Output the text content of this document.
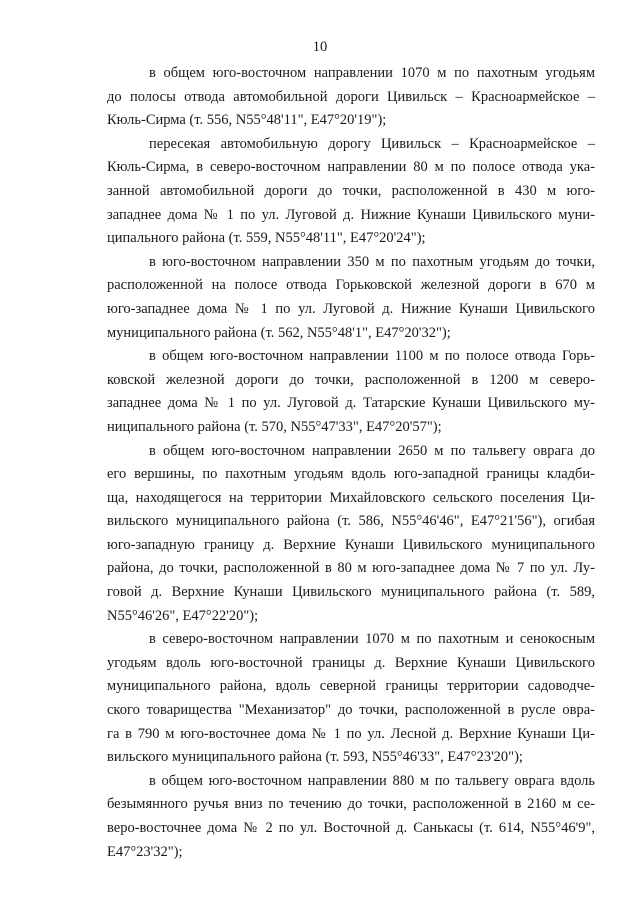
10
в общем юго-восточном направлении 1070 м по пахотным угодьям
до полосы отвода автомобильной дороги Цивильск – Красноармейское –
Кюль-Сирма (т. 556, N55°48'11", E47°20'19");
пересекая автомобильную дорогу Цивильск – Красноармейское –
Кюль-Сирма, в северо-восточном направлении 80 м по полосе отвода ука-
занной автомобильной дороги до точки, расположенной в 430 м юго-
западнее дома № 1 по ул. Луговой д. Нижние Кунаши Цивильского муни-
ципального района (т. 559, N55°48'11", E47°20'24");
в юго-восточном направлении 350 м по пахотным угодьям до точки,
расположенной на полосе отвода Горьковской железной дороги в 670 м
юго-западнее дома № 1 по ул. Луговой д. Нижние Кунаши Цивильского
муниципального района (т. 562, N55°48'1", E47°20'32");
в общем юго-восточном направлении 1100 м по полосе отвода Горь-
ковской железной дороги до точки, расположенной в 1200 м северо-
западнее дома № 1 по ул. Луговой д. Татарские Кунаши Цивильского му-
ниципального района (т. 570, N55°47'33", E47°20'57");
в общем юго-восточном направлении 2650 м по тальвегу оврага до
его вершины, по пахотным угодьям вдоль юго-западной границы кладби-
ща, находящегося на территории Михайловского сельского поселения Ци-
вильского муниципального района (т. 586, N55°46'46", E47°21'56"), огибая
юго-западную границу д. Верхние Кунаши Цивильского муниципального
района, до точки, расположенной в 80 м юго-западнее дома № 7 по ул. Лу-
говой д. Верхние Кунаши Цивильского муниципального района (т. 589,
N55°46'26", E47°22'20");
в северо-восточном направлении 1070 м по пахотным и сенокосным
угодьям вдоль юго-восточной границы д. Верхние Кунаши Цивильского
муниципального района, вдоль северной границы территории садоводче-
ского товарищества "Механизатор" до точки, расположенной в русле овра-
га в 790 м юго-восточнее дома № 1 по ул. Лесной д. Верхние Кунаши Ци-
вильского муниципального района (т. 593, N55°46'33", E47°23'20");
в общем юго-восточном направлении 880 м по тальвегу оврага вдоль
безымянного ручья вниз по течению до точки, расположенной в 2160 м се-
веро-восточнее дома № 2 по ул. Восточной д. Санькасы (т. 614, N55°46'9",
E47°23'32");
